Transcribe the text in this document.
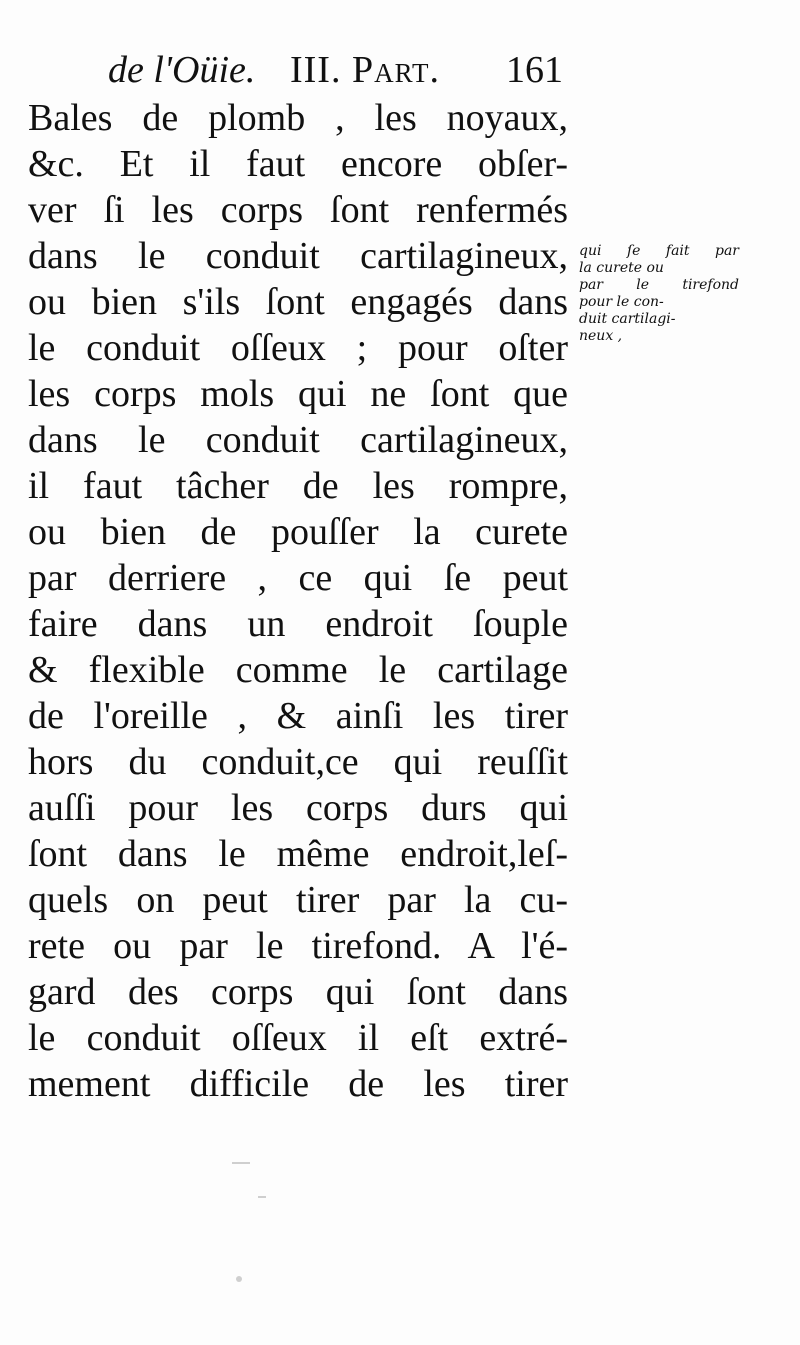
de l'Oüie. III. Part. 161
Bales de plomb , les noyaux,
&c. Et il faut encore obſer-
ver ſi les corps ſont renfermés
dans le conduit cartilagineux,
ou bien s'ils ſont engagés dans
le conduit oſſeux ; pour oſter
les corps mols qui ne ſont que
dans le conduit cartilagineux,
il faut tâcher de les rompre,
ou bien de pouſſer la curete
par derriere , ce qui ſe peut
faire dans un endroit ſouple
& flexible comme le cartilage
de l'oreille , & ainſi les tirer
hors du conduit,ce qui reuſſit
auſſi pour les corps durs qui
ſont dans le même endroit,leſ-
quels on peut tirer par la cu-
rete ou par le tirefond. A l'é-
gard des corps qui ſont dans
le conduit oſſeux il eſt extré-
mement difficile de les tirer
qui ſe fait par
la curete ou
par le tirefond
pour le con-
duit cartilagi-
neux ,
